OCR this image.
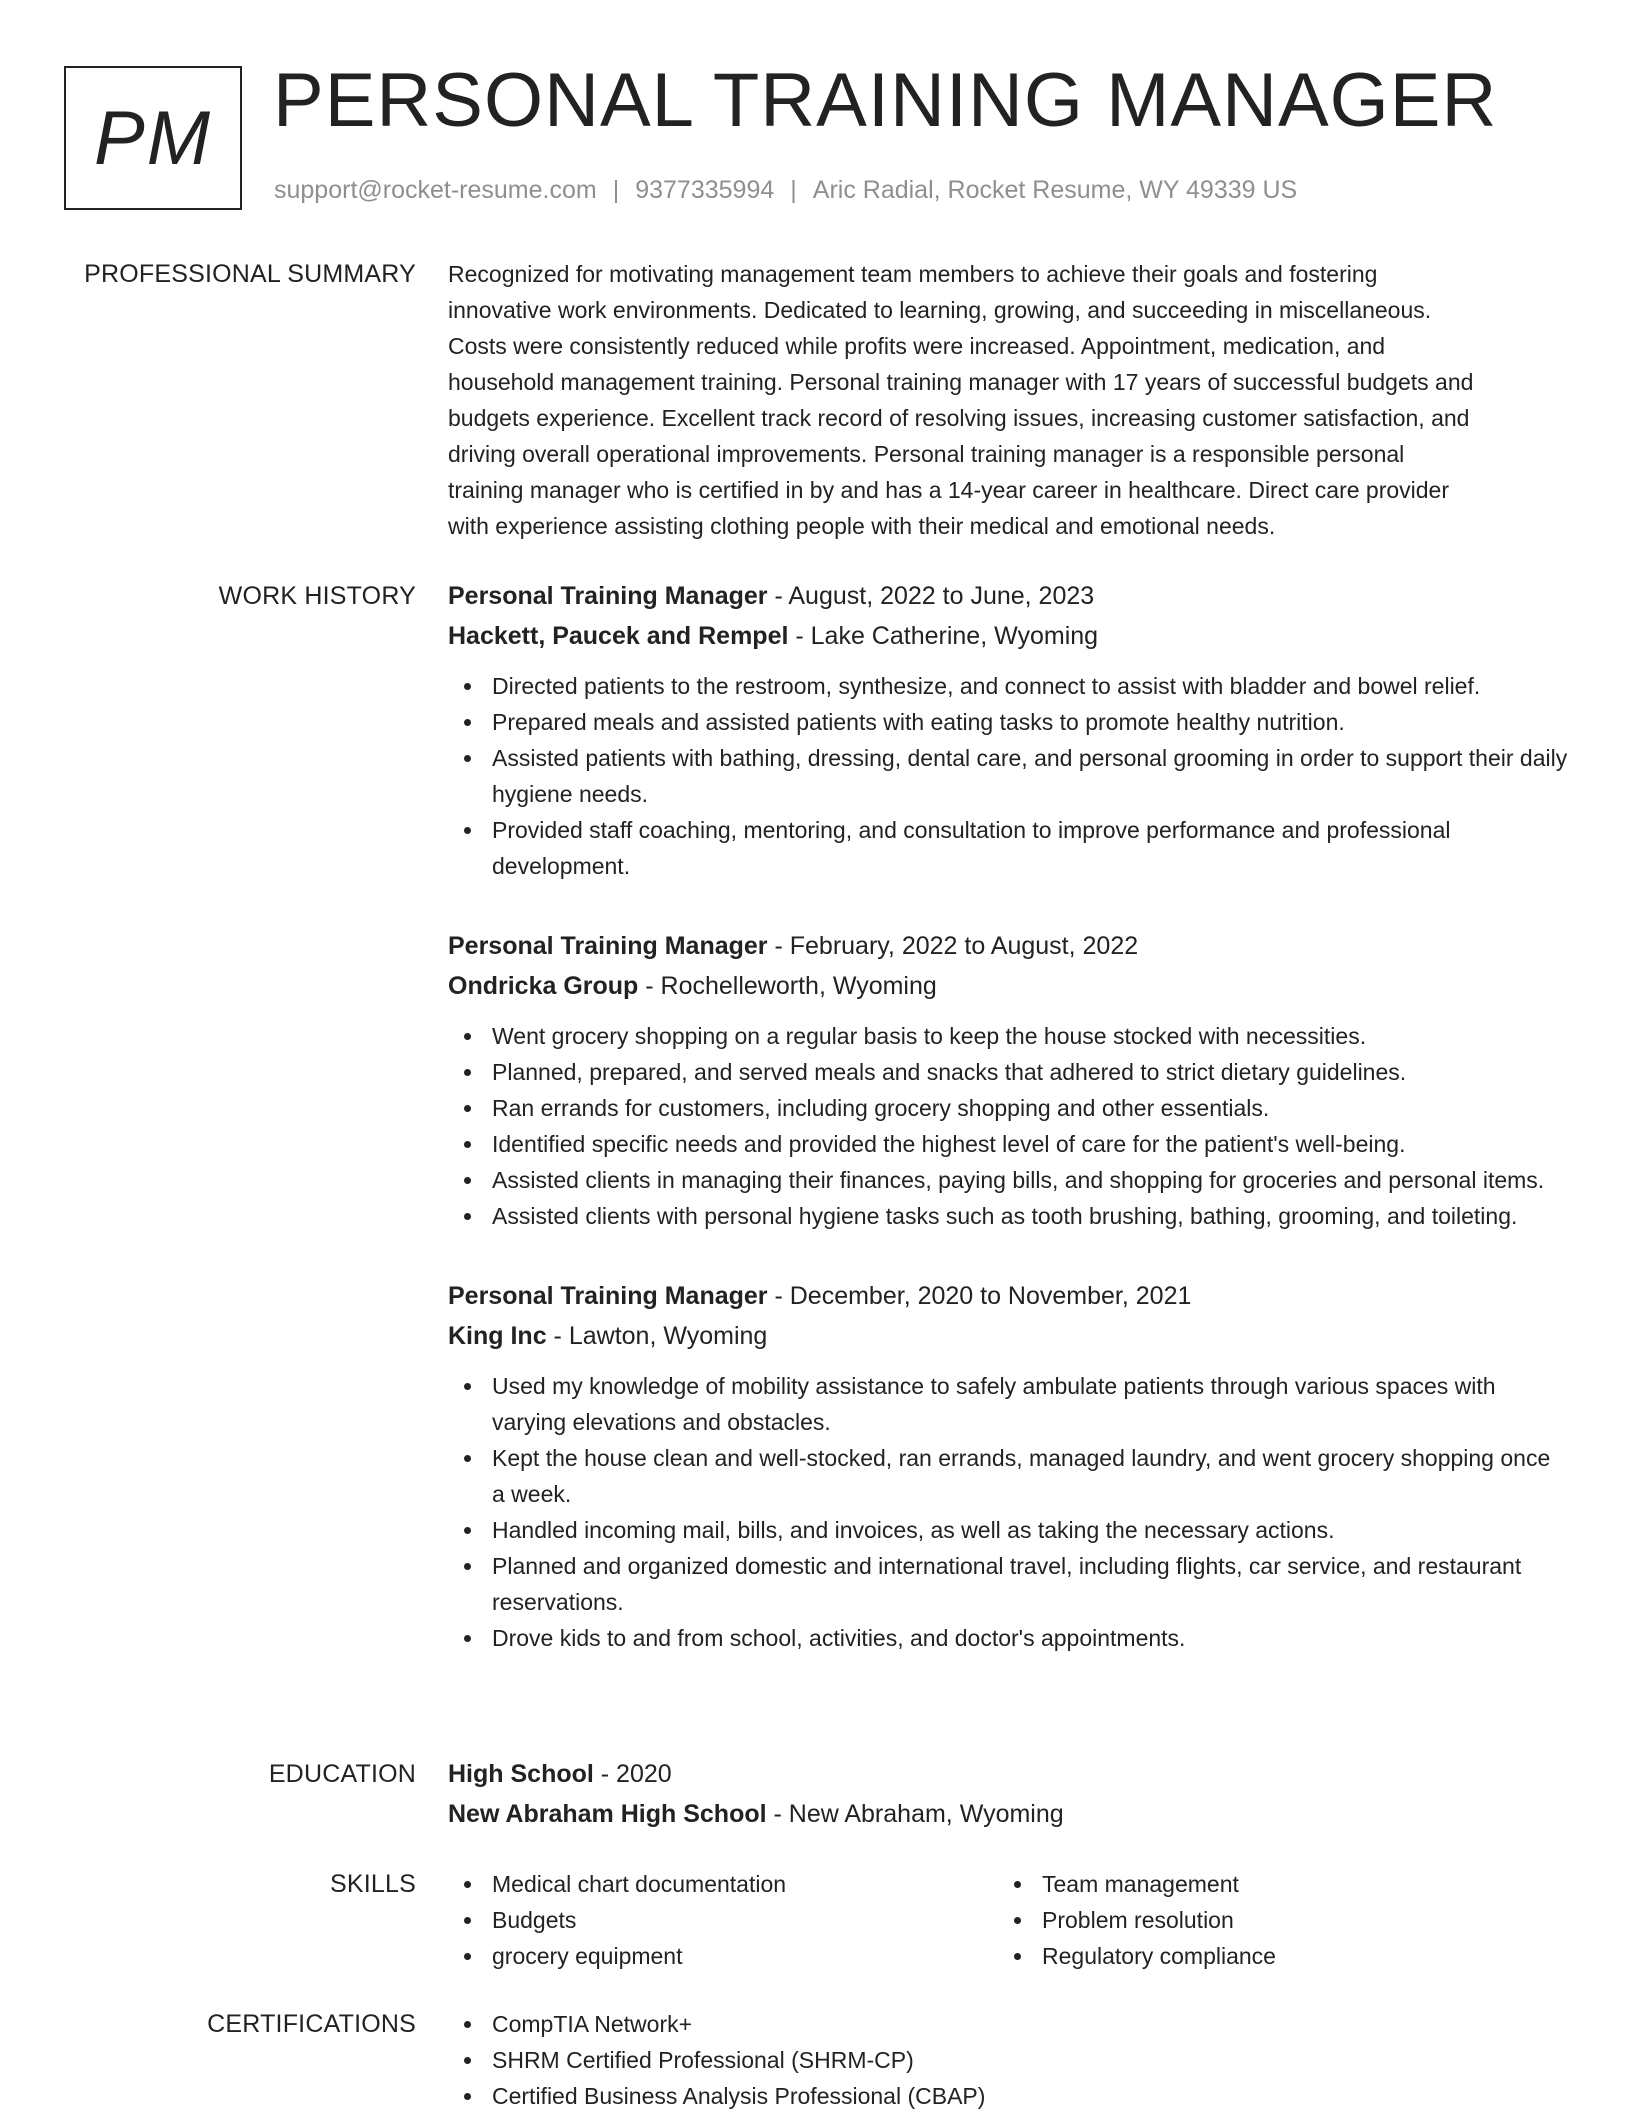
PM PERSONAL TRAINING MANAGER
support@rocket-resume.com | 9377335994 | Aric Radial, Rocket Resume, WY 49339 US
PROFESSIONAL SUMMARY Recognized for motivating management team members to achieve their goals and fostering
innovative work environments. Dedicated to learning, growing, and succeeding in miscellaneous.
Costs were consistently reduced while profits were increased. Appointment, medication, and
household management training. Personal training manager with 17 years of successful budgets and
budgets experience. Excellent track record of resolving issues, increasing customer satisfaction, and
driving overall operational improvements. Personal training manager is a responsible personal
training manager who is certified in by and has a 14-year career in healthcare. Direct care provider
with experience assisting clothing people with their medical and emotional needs.
WORK HISTORY Personal Training Manager - August, 2022 to June, 2023
Hackett, Paucek and Rempel - Lake Catherine, Wyoming
Directed patients to the restroom, synthesize, and connect to assist with bladder and bowel relief.
Prepared meals and assisted patients with eating tasks to promote healthy nutrition.
Assisted patients with bathing, dressing, dental care, and personal grooming in order to support their daily hygiene needs.
Provided staff coaching, mentoring, and consultation to improve performance and professional development.
Personal Training Manager - February, 2022 to August, 2022
Ondricka Group - Rochelleworth, Wyoming
Went grocery shopping on a regular basis to keep the house stocked with necessities.
Planned, prepared, and served meals and snacks that adhered to strict dietary guidelines.
Ran errands for customers, including grocery shopping and other essentials.
Identified specific needs and provided the highest level of care for the patient's well-being.
Assisted clients in managing their finances, paying bills, and shopping for groceries and personal items.
Assisted clients with personal hygiene tasks such as tooth brushing, bathing, grooming, and toileting.
Personal Training Manager - December, 2020 to November, 2021
King Inc - Lawton, Wyoming
Used my knowledge of mobility assistance to safely ambulate patients through various spaces with varying elevations and obstacles.
Kept the house clean and well-stocked, ran errands, managed laundry, and went grocery shopping once a week.
Handled incoming mail, bills, and invoices, as well as taking the necessary actions.
Planned and organized domestic and international travel, including flights, car service, and restaurant reservations.
Drove kids to and from school, activities, and doctor's appointments.
EDUCATION High School - 2020
New Abraham High School - New Abraham, Wyoming
SKILLS	Medical chart documentation
Budgets
grocery equipment
Team management
Problem resolution
Regulatory compliance
CERTIFICATIONS	CompTIA Network+
SHRM Certified Professional (SHRM-CP)
Certified Business Analysis Professional (CBAP)
